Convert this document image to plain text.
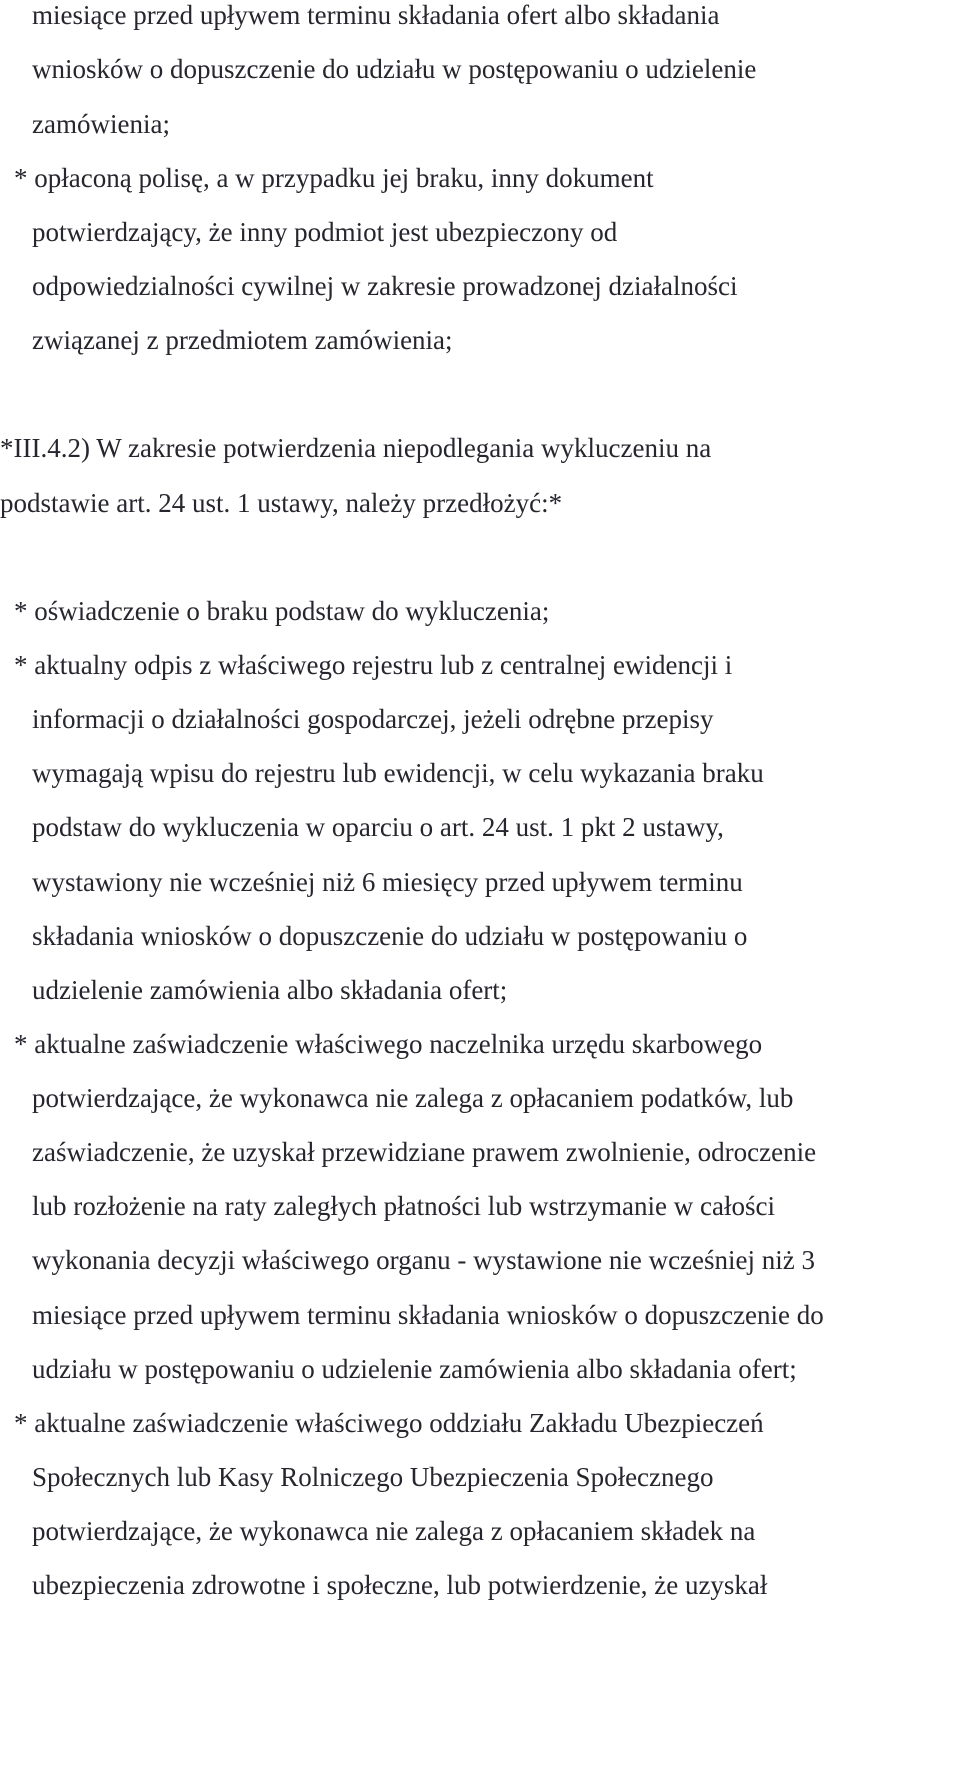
miesiące przed upływem terminu składania ofert albo składania
wniosków o dopuszczenie do udziału w postępowaniu o udzielenie
zamówienia;
* opłaconą polisę, a w przypadku jej braku, inny dokument
potwierdzający, że inny podmiot jest ubezpieczony od
odpowiedzialności cywilnej w zakresie prowadzonej działalności
związanej z przedmiotem zamówienia;
*III.4.2) W zakresie potwierdzenia niepodlegania wykluczeniu na
podstawie art. 24 ust. 1 ustawy, należy przedłożyć:*
* oświadczenie o braku podstaw do wykluczenia;
* aktualny odpis z właściwego rejestru lub z centralnej ewidencji i
informacji o działalności gospodarczej, jeżeli odrębne przepisy
wymagają wpisu do rejestru lub ewidencji, w celu wykazania braku
podstaw do wykluczenia w oparciu o art. 24 ust. 1 pkt 2 ustawy,
wystawiony nie wcześniej niż 6 miesięcy przed upływem terminu
składania wniosków o dopuszczenie do udziału w postępowaniu o
udzielenie zamówienia albo składania ofert;
* aktualne zaświadczenie właściwego naczelnika urzędu skarbowego
potwierdzające, że wykonawca nie zalega z opłacaniem podatków, lub
zaświadczenie, że uzyskał przewidziane prawem zwolnienie, odroczenie
lub rozłożenie na raty zaległych płatności lub wstrzymanie w całości
wykonania decyzji właściwego organu - wystawione nie wcześniej niż 3
miesiące przed upływem terminu składania wniosków o dopuszczenie do
udziału w postępowaniu o udzielenie zamówienia albo składania ofert;
* aktualne zaświadczenie właściwego oddziału Zakładu Ubezpieczeń
Społecznych lub Kasy Rolniczego Ubezpieczenia Społecznego
potwierdzające, że wykonawca nie zalega z opłacaniem składek na
ubezpieczenia zdrowotne i społeczne, lub potwierdzenie, że uzyskał
